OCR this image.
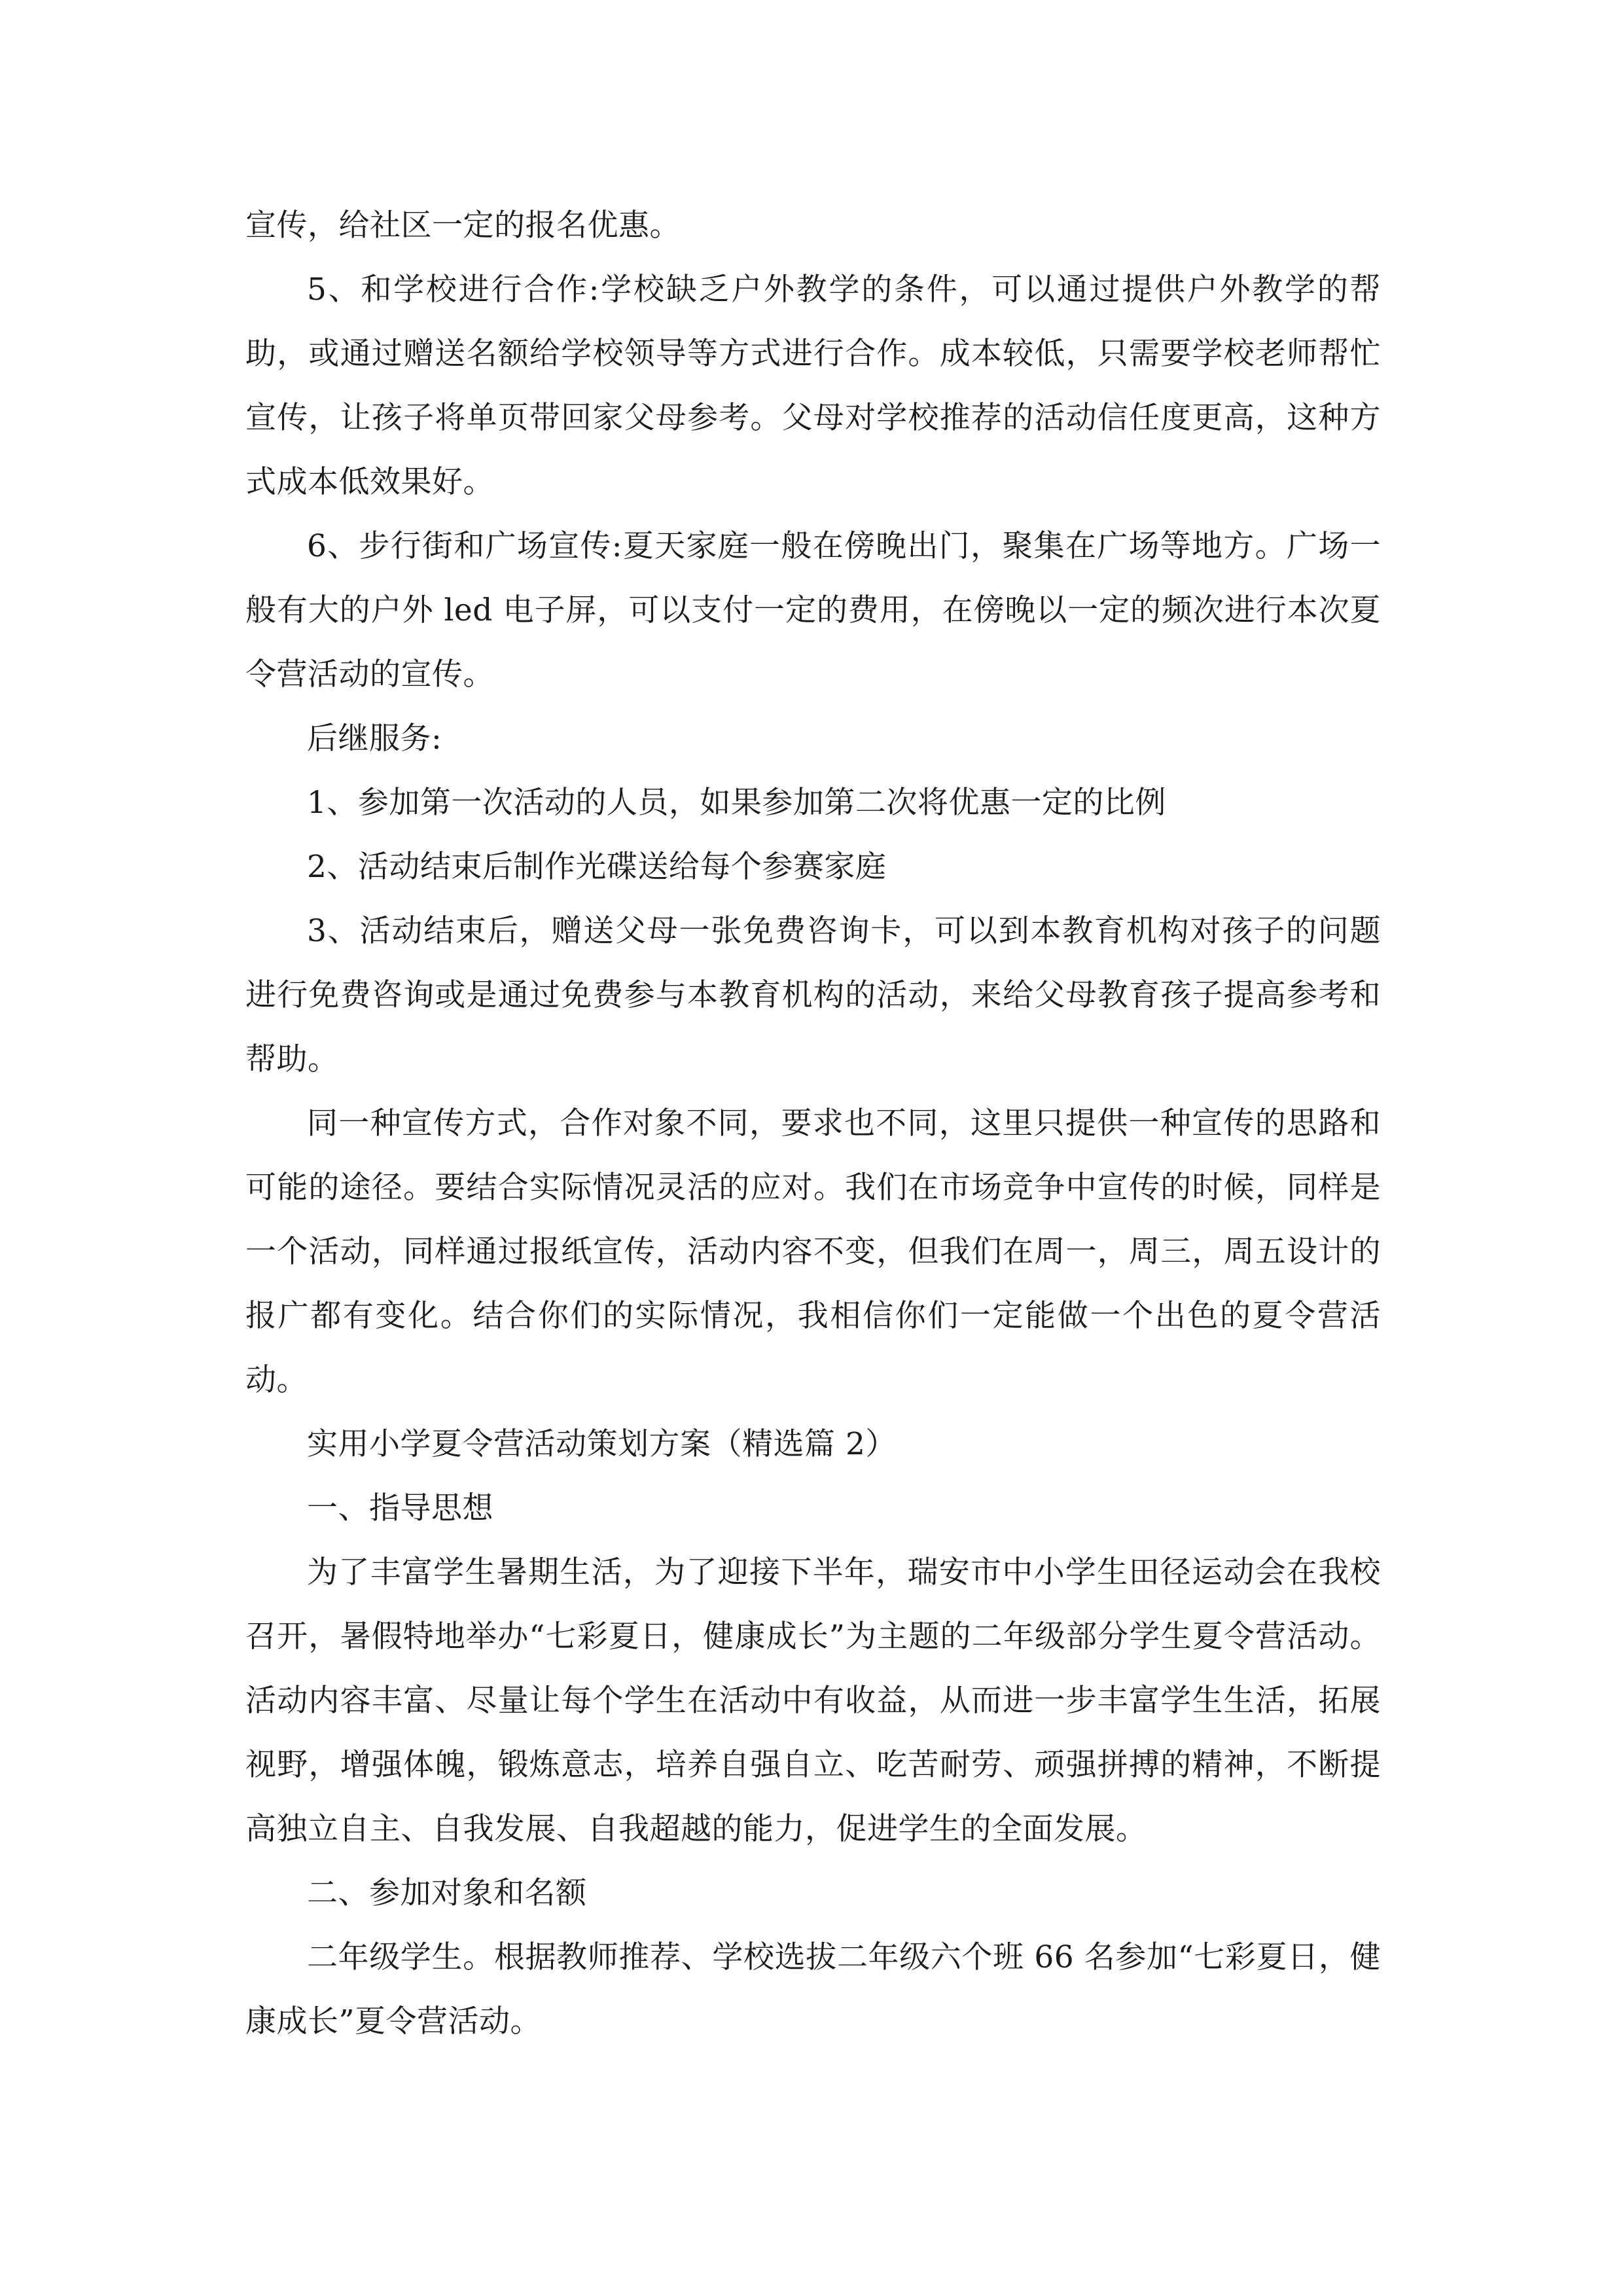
宣传，给社区一定的报名优惠。

5、和学校进行合作:学校缺乏户外教学的条件，可以通过提供户外教学的帮助，或通过赠送名额给学校领导等方式进行合作。成本较低，只需要学校老师帮忙宣传，让孩子将单页带回家父母参考。父母对学校推荐的活动信任度更高，这种方式成本低效果好。

6、步行街和广场宣传:夏天家庭一般在傍晚出门，聚集在广场等地方。广场一般有大的户外 led 电子屏，可以支付一定的费用，在傍晚以一定的频次进行本次夏令营活动的宣传。

后继服务:

1、参加第一次活动的人员，如果参加第二次将优惠一定的比例

2、活动结束后制作光碟送给每个参赛家庭

3、活动结束后，赠送父母一张免费咨询卡，可以到本教育机构对孩子的问题进行免费咨询或是通过免费参与本教育机构的活动，来给父母教育孩子提高参考和帮助。

同一种宣传方式，合作对象不同，要求也不同，这里只提供一种宣传的思路和可能的途径。要结合实际情况灵活的应对。我们在市场竞争中宣传的时候，同样是一个活动，同样通过报纸宣传，活动内容不变，但我们在周一，周三，周五设计的报广都有变化。结合你们的实际情况，我相信你们一定能做一个出色的夏令营活动。

实用小学夏令营活动策划方案（精选篇 2）

一、指导思想

为了丰富学生暑期生活，为了迎接下半年，瑞安市中小学生田径运动会在我校召开，暑假特地举办“七彩夏日，健康成长”为主题的二年级部分学生夏令营活动。活动内容丰富、尽量让每个学生在活动中有收益，从而进一步丰富学生生活，拓展视野，增强体魄，锻炼意志，培养自强自立、吃苦耐劳、顽强拼搏的精神，不断提高独立自主、自我发展、自我超越的能力，促进学生的全面发展。

二、参加对象和名额

二年级学生。根据教师推荐、学校选拔二年级六个班 66 名参加“七彩夏日，健康成长”夏令营活动。
